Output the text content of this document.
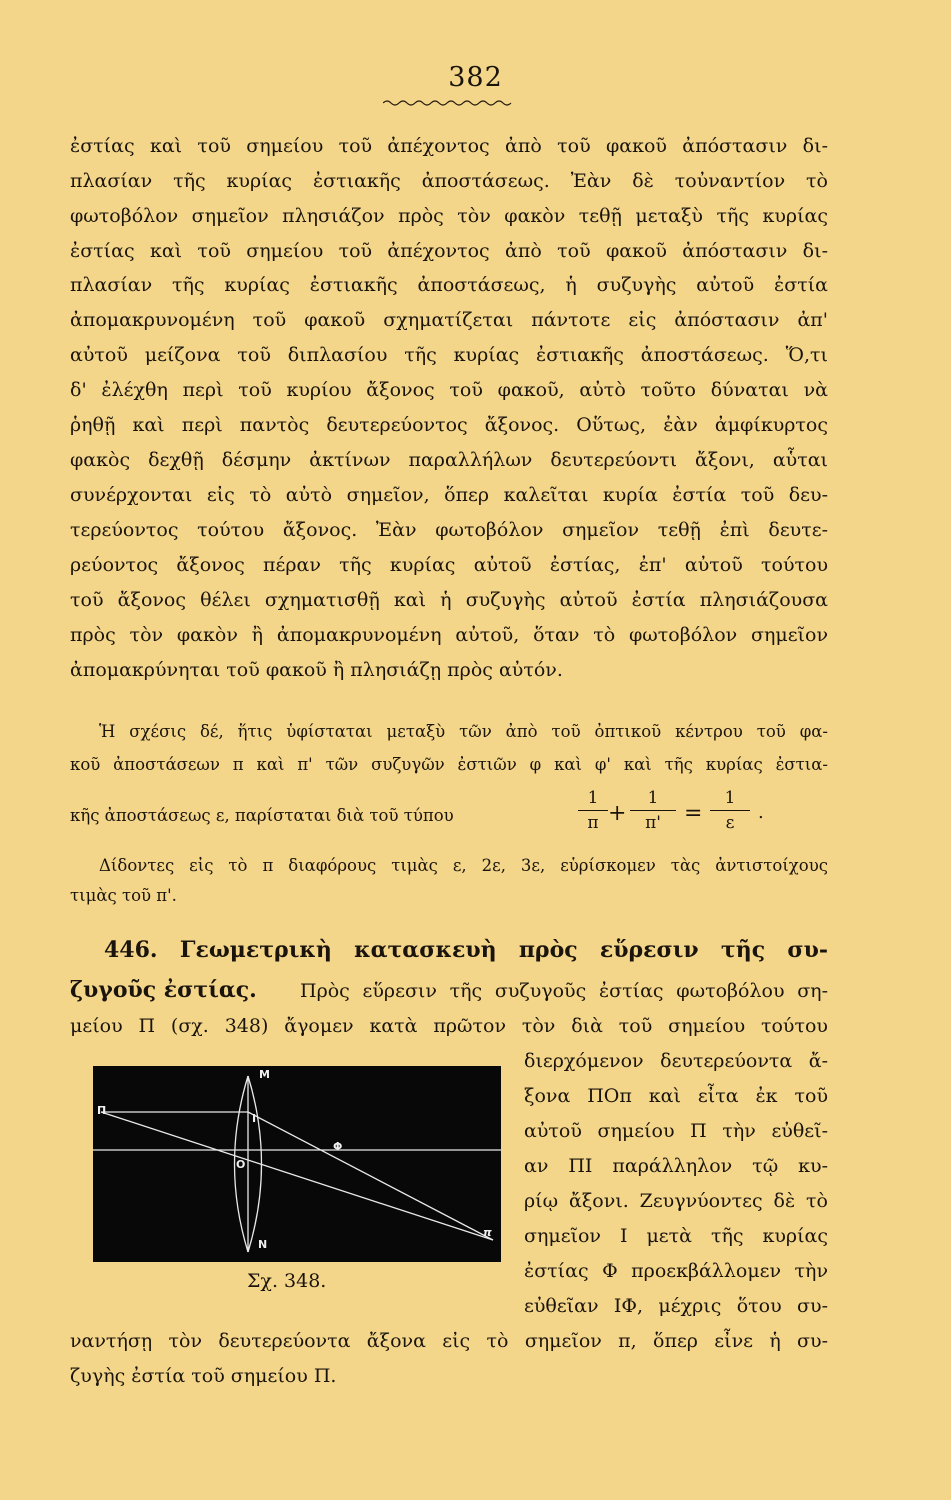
382
ἐστίας καὶ τοῦ σημείου τοῦ ἀπέχοντος ἀπὸ τοῦ φακοῦ ἀπόστασιν δι-
πλασίαν τῆς κυρίας ἐστιακῆς ἀποστάσεως. Ἐὰν δὲ τοὐναντίον τὸ
φωτοβόλον σημεῖον πλησιάζον πρὸς τὸν φακὸν τεθῇ μεταξὺ τῆς κυρίας
ἐστίας καὶ τοῦ σημείου τοῦ ἀπέχοντος ἀπὸ τοῦ φακοῦ ἀπόστασιν δι-
πλασίαν τῆς κυρίας ἐστιακῆς ἀποστάσεως, ἡ συζυγὴς αὐτοῦ ἐστία
ἀπομακρυνομένη τοῦ φακοῦ σχηματίζεται πάντοτε εἰς ἀπόστασιν ἀπ'
αὐτοῦ μείζονα τοῦ διπλασίου τῆς κυρίας ἐστιακῆς ἀποστάσεως. Ὅ,τι
δ' ἐλέχθη περὶ τοῦ κυρίου ἄξονος τοῦ φακοῦ, αὐτὸ τοῦτο δύναται νὰ
ῥηθῇ καὶ περὶ παντὸς δευτερεύοντος ἄξονος. Οὕτως, ἐὰν ἀμφίκυρτος
φακὸς δεχθῇ δέσμην ἀκτίνων παραλλήλων δευτερεύοντι ἄξονι, αὗται
συνέρχονται εἰς τὸ αὐτὸ σημεῖον, ὅπερ καλεῖται κυρία ἐστία τοῦ δευ-
τερεύοντος τούτου ἄξονος. Ἐὰν φωτοβόλον σημεῖον τεθῇ ἐπὶ δευτε-
ρεύοντος ἄξονος πέραν τῆς κυρίας αὐτοῦ ἐστίας, ἐπ' αὐτοῦ τούτου
τοῦ ἄξονος θέλει σχηματισθῇ καὶ ἡ συζυγὴς αὐτοῦ ἐστία πλησιάζουσα
πρὸς τὸν φακὸν ἢ ἀπομακρυνομένη αὐτοῦ, ὅταν τὸ φωτοβόλον σημεῖον
ἀπομακρύνηται τοῦ φακοῦ ἢ πλησιάζῃ πρὸς αὐτόν.
Ἡ σχέσις δέ, ἥτις ὑφίσταται μεταξὺ τῶν ἀπὸ τοῦ ὀπτικοῦ κέντρου τοῦ φα-
κοῦ ἀποστάσεων π καὶ π' τῶν συζυγῶν ἐστιῶν φ καὶ φ' καὶ τῆς κυρίας ἐστια-
κῆς ἀποστάσεως ε, παρίσταται διὰ τοῦ τύπου
1
π +
1
π'	=
1
ε	.
Δίδοντες εἰς τὸ π διαφόρους τιμὰς ε, 2ε, 3ε, εὑρίσκομεν τὰς ἀντιστοίχους
τιμὰς τοῦ π'.
446. Γεωμετρικὴ κατασκευὴ πρὸς εὕρεσιν τῆς συ-
ζυγοῦς ἐστίας. Πρὸς εὕρεσιν τῆς συζυγοῦς ἐστίας φωτοβόλου ση-
μείου Π (σχ. 348) ἄγομεν κατὰ πρῶτον τὸν διὰ τοῦ σημείου τούτου
διερχόμενον δευτερεύοντα ἄ-
ξονα ΠΟπ καὶ εἶτα ἐκ τοῦ
αὐτοῦ σημείου Π τὴν εὐθεῖ-
αν ΠΙ παράλληλον τῷ κυ-
ρίῳ ἄξονι. Ζευγνύοντες δὲ τὸ
σημεῖον Ι μετὰ τῆς κυρίας
ἐστίας Φ προεκβάλλομεν τὴν
εὐθεῖαν ΙΦ, μέχρις ὅτου συ-
Π
Μ
Ι
Ο
Φ
Ν
π
Σχ. 348.
ναντήσῃ τὸν δευτερεύοντα ἄξονα εἰς τὸ σημεῖον π, ὅπερ εἶνε ἡ συ-
ζυγὴς ἐστία τοῦ σημείου Π.
